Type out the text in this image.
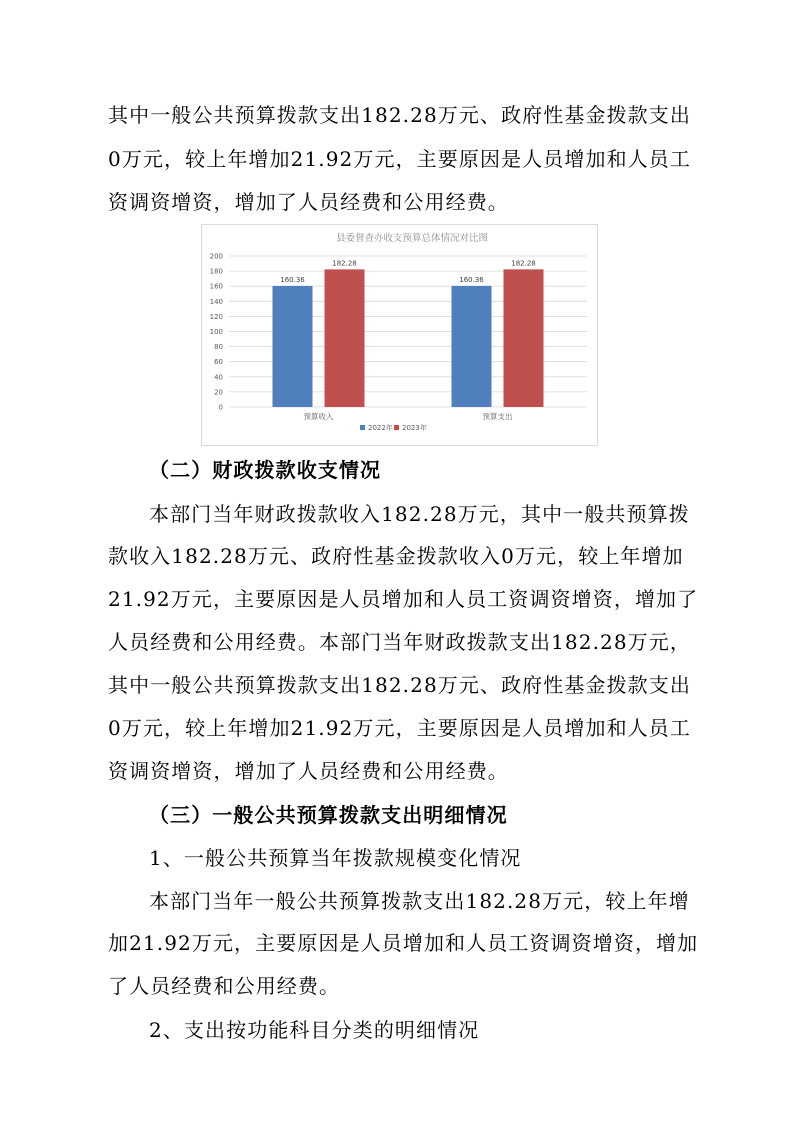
其中一般公共预算拨款支出182.28万元、政府性基金拨款支出
0万元，较上年增加21.92万元，主要原因是人员增加和人员工
资调资增资，增加了人员经费和公用经费。
县委督查办收支预算总体情况对比图
0
20
40
60
80
100
120
140
160
180
200
160.36
182.28
预算收入
160.36
182.28
预算支出
2022年 2023年
（二）财政拨款收支情况
本部门当年财政拨款收入182.28万元，其中一般共预算拨
款收入182.28万元、政府性基金拨款收入0万元，较上年增加
21.92万元，主要原因是人员增加和人员工资调资增资，增加了
人员经费和公用经费。本部门当年财政拨款支出182.28万元，
其中一般公共预算拨款支出182.28万元、政府性基金拨款支出
0万元，较上年增加21.92万元，主要原因是人员增加和人员工
资调资增资，增加了人员经费和公用经费。
（三）一般公共预算拨款支出明细情况
1、一般公共预算当年拨款规模变化情况
本部门当年一般公共预算拨款支出182.28万元，较上年增
加21.92万元，主要原因是人员增加和人员工资调资增资，增加
了人员经费和公用经费。
2、支出按功能科目分类的明细情况
